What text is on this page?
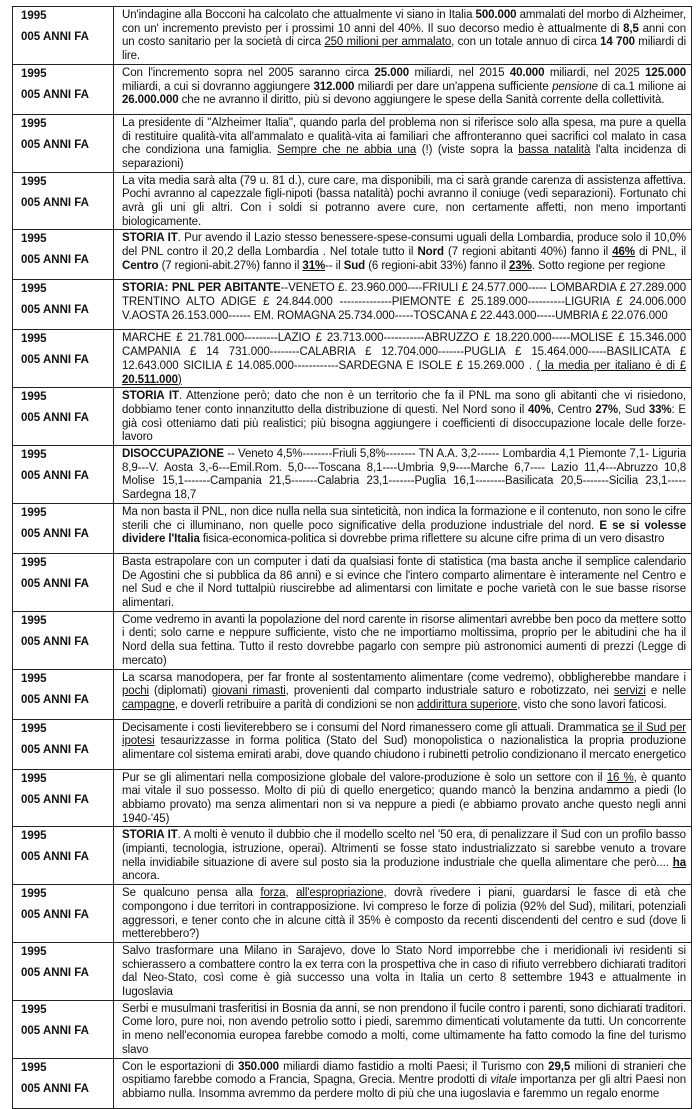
1995
005 ANNI FA	Un'indagine alla Bocconi ha calcolato che attualmente vi siano in Italia 500.000 ammalati del morbo di Alzheimer, con un' incremento previsto per i prossimi 10 anni del 40%. Il suo decorso medio è attualmente di 8,5 anni con un costo sanitario per la società di circa 250 milioni per ammalato, con un totale annuo di circa 14 700 miliardi di lire.

1995
005 ANNI FA	Con l'incremento sopra nel 2005 saranno circa 25.000 miliardi, nel 2015 40.000 miliardi, nel 2025 125.000 miliardi, a cui si dovranno aggiungere 312.000 miliardi per dare un'appena sufficiente pensione di ca.1 milione ai 26.000.000 che ne avranno il diritto, più si devono aggiungere le spese della Sanità corrente della collettività.

1995
005 ANNI FA	La presidente di "Alzheimer Italia", quando parla del problema non si riferisce solo alla spesa, ma pure a quella di restituire qualità-vita all'ammalato e qualità-vita ai familiari che affronteranno quei sacrifici col malato in casa che condiziona una famiglia. Sempre che ne abbia una (!) (viste sopra la bassa natalità l'alta incidenza di separazioni)

1995
005 ANNI FA	La vita media sarà alta (79 u. 81 d.), cure care, ma disponibili, ma ci sarà grande carenza di assistenza affettiva. Pochi avranno al capezzale figli-nipoti (bassa natalità) pochi avranno il coniuge (vedi separazioni). Fortunato chi avrà gli uni gli altri. Con i soldi si potranno avere cure, non certamente affetti, non meno importanti biologicamente.

1995
005 ANNI FA	STORIA IT. Pur avendo il Lazio stesso benessere-spese-consumi uguali della Lombardia, produce solo il 10,0% del PNL contro il 20,2 della Lombardia . Nel totale tutto il Nord (7 regioni abitanti 40%) fanno il 46% di PNL, il Centro (7 regioni-abit.27%) fanno il 31%-- il Sud (6 regioni-abit 33%) fanno il 23%. Sotto regione per regione

1995
005 ANNI FA	STORIA: PNL PER ABITANTE--VENETO £. 23.960.000----FRIULI £ 24.577.000----- LOMBARDIA £ 27.289.000 TRENTINO ALTO ADIGE £ 24.844.000 --------------PIEMONTE £ 25.189.000----------LIGURIA £ 24.006.000 V.AOSTA 26.153.000------ EM. ROMAGNA 25.734.000-----TOSCANA £ 22.443.000-----UMBRIA £ 22.076.000

1995
005 ANNI FA	MARCHE £ 21.781.000---------LAZIO £ 23.713.000-----------ABRUZZO £ 18.220.000-----MOLISE £ 15.346.000 CAMPANIA £ 14 731.000--------CALABRIA £ 12.704.000-------PUGLIA £ 15.464.000-----BASILICATA £ 12.643.000 SICILIA £ 14.085.000------------SARDEGNA E ISOLE £ 15.269.000 . ( la media per italiano è di £ 20.511.000)

1995
005 ANNI FA	STORIA IT. Attenzione però; dato che non è un territorio che fa il PNL ma sono gli abitanti che vi risiedono, dobbiamo tener conto innanzitutto della distribuzione di questi. Nel Nord sono il 40%, Centro 27%, Sud 33%: E già così otteniamo dati più realistici; più bisogna aggiungere i coefficienti di disoccupazione locale delle forze-lavoro

1995
005 ANNI FA	DISOCCUPAZIONE -- Veneto 4,5%--------Friuli 5,8%-------- TN A.A. 3,2------ Lombardia 4,1 Piemonte 7,1- Liguria 8,9---V. Aosta 3,-6---Emil.Rom. 5,0----Toscana 8,1----Umbria 9,9----Marche 6,7---- Lazio 11,4---Abruzzo 10,8 Molise 15,1-------Campania 21,5-------Calabria 23,1-------Puglia 16,1--------Basilicata 20,5-------Sicilia 23,1-----Sardegna 18,7

1995
005 ANNI FA	Ma non basta il PNL, non dice nulla nella sua sinteticità, non indica la formazione e il contenuto, non sono le cifre sterili che ci illuminano, non quelle poco significative della produzione industriale del nord. E se si volesse dividere l'Italia fisica-economica-politica si dovrebbe prima riflettere su alcune cifre prima di un vero disastro

1995
005 ANNI FA	Basta estrapolare con un computer i dati da qualsiasi fonte di statistica (ma basta anche il semplice calendario De Agostini che si pubblica da 86 anni) e si evince che l'intero comparto alimentare è interamente nel Centro e nel Sud e che il Nord tuttalpiù riuscirebbe ad alimentarsi con limitate e poche varietà con le sue basse risorse alimentari.

1995
005 ANNI FA	Come vedremo in avanti la popolazione del nord carente in risorse alimentari avrebbe ben poco da mettere sotto i denti; solo carne e neppure sufficiente, visto che ne importiamo moltissima, proprio per le abitudini che ha il Nord della sua fettina. Tutto il resto dovrebbe pagarlo con sempre più astronomici aumenti di prezzi (Legge di mercato)

1995
005 ANNI FA	La scarsa manodopera, per far fronte al sostentamento alimentare (come vedremo), obbligherebbe mandare i pochi (diplomati) giovani rimasti, provenienti dal comparto industriale saturo e robotizzato, nei servizi e nelle campagne, e doverli retribuire a parità di condizioni se non addirittura superiore, visto che sono lavori faticosi.

1995
005 ANNI FA	Decisamente i costi lieviterebbero se i consumi del Nord rimanessero come gli attuali. Drammatica se il Sud per ipotesi tesaurizzasse in forma politica (Stato del Sud) monopolistica o nazionalistica la propria produzione alimentare col sistema emirati arabi, dove quando chiudono i rubinetti petrolio condizionano il mercato energetico

1995
005 ANNI FA	Pur se gli alimentari nella composizione globale del valore-produzione è solo un settore con il 16 %, è quanto mai vitale il suo possesso. Molto di più di quello energetico; quando mancò la benzina andammo a piedi (lo abbiamo provato) ma senza alimentari non si va neppure a piedi (e abbiamo provato anche questo negli anni 1940-'45)

1995
005 ANNI FA	STORIA IT. A molti è venuto il dubbio che il modello scelto nel '50 era, di penalizzare il Sud con un profilo basso (impianti, tecnologia, istruzione, operai). Altrimenti se fosse stato industrializzato si sarebbe venuto a trovare nella invidiabile situazione di avere sul posto sia la produzione industriale che quella alimentare che però.... ha ancora.

1995
005 ANNI FA	Se qualcuno pensa alla forza, all'espropriazione, dovrà rivedere i piani, guardarsi le fasce di età che compongono i due territori in contrapposizione. Ivi compreso le forze di polizia (92% del Sud), militari, potenziali aggressori, e tener conto che in alcune città il 35% è composto da recenti discendenti del centro e sud (dove li metterebbero?)

1995
005 ANNI FA	Salvo trasformare una Milano in Sarajevo, dove lo Stato Nord imporrebbe che i meridionali ivi residenti si schierassero a combattere contro la ex terra con la prospettiva che in caso di rifiuto verrebbero dichiarati traditori dal Neo-Stato, così come è già successo una volta in Italia un certo 8 settembre 1943 e attualmente in Iugoslavia

1995
005 ANNI FA	Serbi e musulmani trasferitisi in Bosnia da anni, se non prendono il fucile contro i parenti, sono dichiarati traditori. Come loro, pure noi, non avendo petrolio sotto i piedi, saremmo dimenticati volutamente da tutti. Un concorrente in meno nell'economia europea farebbe comodo a molti, come ultimamente ha fatto comodo la fine del turismo slavo

1995
005 ANNI FA	Con le esportazioni di 350.000 miliardi diamo fastidio a molti Paesi; il Turismo con 29,5 milioni di stranieri che ospitiamo farebbe comodo a Francia, Spagna, Grecia. Mentre prodotti di vitale importanza per gli altri Paesi non abbiamo nulla. Insomma avremmo da perdere molto di più che una iugoslavia e faremmo un regalo enorme
